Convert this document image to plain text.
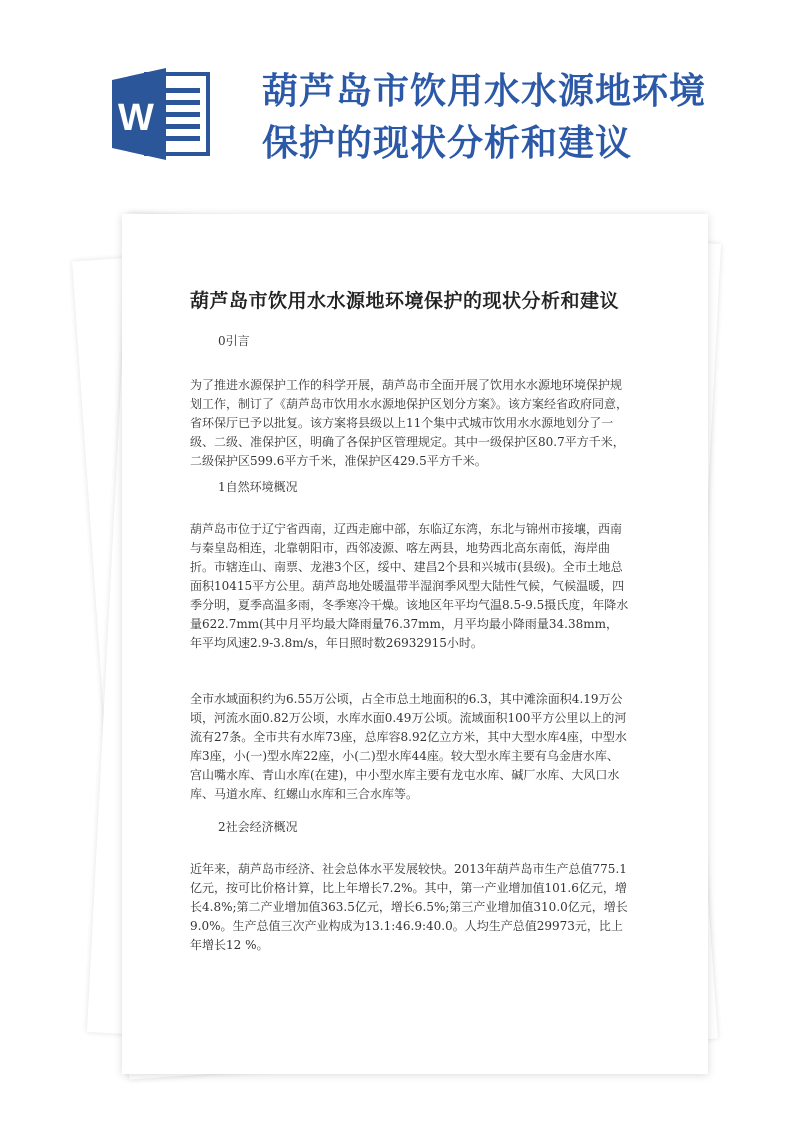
W
葫芦岛市饮用水水源地环境保护的现状分析和建议
葫芦岛市饮用水水源地环境保护的现状分析和建议
0引言

为了推进水源保护工作的科学开展，葫芦岛市全面开展了饮用水水源地环境保护规划工作，制订了《葫芦岛市饮用水水源地保护区划分方案》。该方案经省政府同意，省环保厅已予以批复。该方案将县级以上11个集中式城市饮用水水源地划分了一级、二级、准保护区，明确了各保护区管理规定。其中一级保护区80.7平方千米，二级保护区599.6平方千米，准保护区429.5平方千米。

1自然环境概况

葫芦岛市位于辽宁省西南，辽西走廊中部，东临辽东湾，东北与锦州市接壤，西南与秦皇岛相连，北靠朝阳市，西邻凌源、喀左两县，地势西北高东南低，海岸曲折。市辖连山、南票、龙港3个区，绥中、建昌2个县和兴城市(县级)。全市土地总面积10415平方公里。葫芦岛地处暖温带半湿润季风型大陆性气候，气候温暖，四季分明，夏季高温多雨，冬季寒冷干燥。该地区年平均气温8.5-9.5摄氏度，年降水量622.7mm(其中月平均最大降雨量76.37mm，月平均最小降雨量34.38mm，年平均风速2.9-3.8m/s，年日照时数26932915小时。

全市水域面积约为6.55万公顷，占全市总土地面积的6.3，其中滩涂面积4.19万公顷，河流水面0.82万公顷，水库水面0.49万公顷。流域面积100平方公里以上的河流有27条。全市共有水库73座，总库容8.92亿立方米，其中大型水库4座，中型水库3座，小(一)型水库22座，小(二)型水库44座。较大型水库主要有乌金唐水库、宫山嘴水库、青山水库(在建)，中小型水库主要有龙屯水库、碱厂水库、大风口水库、马道水库、红螺山水库和三合水库等。

2社会经济概况

近年来，葫芦岛市经济、社会总体水平发展较快。2013年葫芦岛市生产总值775.1亿元，按可比价格计算，比上年增长7.2%。其中，第一产业增加值101.6亿元，增长4.8%;第二产业增加值363.5亿元，增长6.5%;第三产业增加值310.0亿元，增长9.0%。生产总值三次产业构成为13.1:46.9:40.0。人均生产总值29973元，比上年增长12 %。
